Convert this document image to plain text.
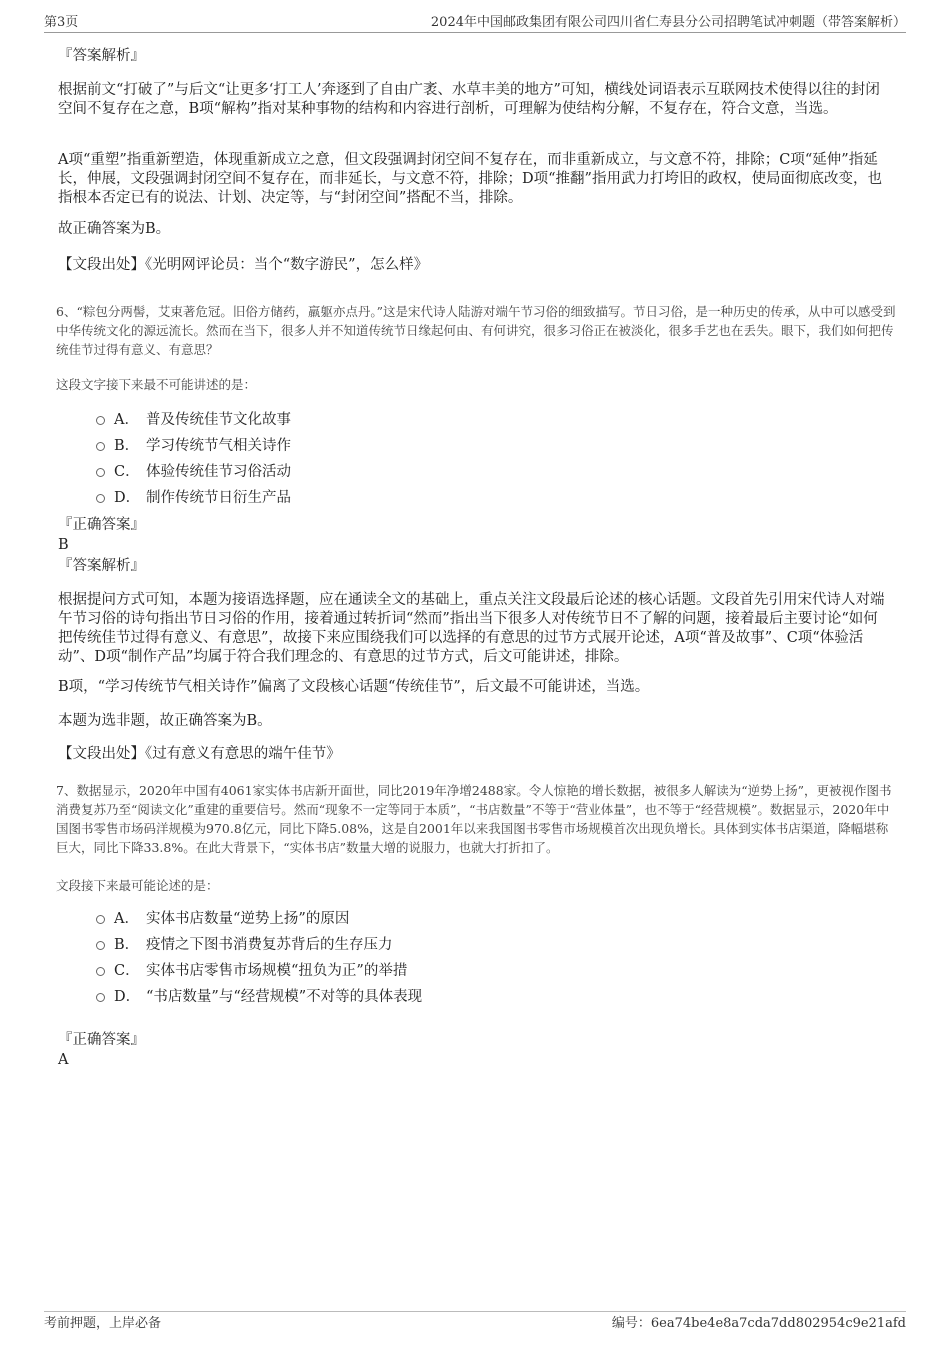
第3页	2024年中国邮政集团有限公司四川省仁寿县分公司招聘笔试冲刺题（带答案解析）
『答案解析』
根据前文“打破了”与后文“让更多‘打工人’奔逐到了自由广袤、水草丰美的地方”可知，横线处词语表示互联网技术使得以往的封闭空间不复存在之意，B项“解构”指对某种事物的结构和内容进行剖析，可理解为使结构分解，不复存在，符合文意，当选。
A项“重塑”指重新塑造，体现重新成立之意，但文段强调封闭空间不复存在，而非重新成立，与文意不符，排除；C项“延伸”指延长，伸展，文段强调封闭空间不复存在，而非延长，与文意不符，排除；D项“推翻”指用武力打垮旧的政权，使局面彻底改变，也指根本否定已有的说法、计划、决定等，与“封闭空间”搭配不当，排除。
故正确答案为B。
【文段出处】《光明网评论员：当个“数字游民”，怎么样》
6、“粽包分两髻，艾束著危冠。旧俗方储药，羸躯亦点丹。”这是宋代诗人陆游对端午节习俗的细致描写。节日习俗，是一种历史的传承，从中可以感受到中华传统文化的源远流长。然而在当下，很多人并不知道传统节日缘起何由、有何讲究，很多习俗正在被淡化，很多手艺也在丢失。眼下，我们如何把传统佳节过得有意义、有意思？
这段文字接下来最不可能讲述的是：
A． 普及传统佳节文化故事
B． 学习传统节气相关诗作
C． 体验传统佳节习俗活动
D． 制作传统节日衍生产品
『正确答案』
B
『答案解析』
根据提问方式可知，本题为接语选择题，应在通读全文的基础上，重点关注文段最后论述的核心话题。文段首先引用宋代诗人对端午节习俗的诗句指出节日习俗的作用，接着通过转折词“然而”指出当下很多人对传统节日不了解的问题，接着最后主要讨论“如何把传统佳节过得有意义、有意思”，故接下来应围绕我们可以选择的有意思的过节方式展开论述，A项“普及故事”、C项“体验活动”、D项“制作产品”均属于符合我们理念的、有意思的过节方式，后文可能讲述，排除。
B项，“学习传统节气相关诗作”偏离了文段核心话题“传统佳节”，后文最不可能讲述，当选。
本题为选非题，故正确答案为B。
【文段出处】《过有意义有意思的端午佳节》
7、数据显示，2020年中国有4061家实体书店新开面世，同比2019年净增2488家。令人惊艳的增长数据，被很多人解读为“逆势上扬”，更被视作图书消费复苏乃至“阅读文化”重建的重要信号。然而“现象不一定等同于本质”，“书店数量”不等于“营业体量”，也不等于“经营规模”。数据显示，2020年中国图书零售市场码洋规模为970.8亿元，同比下降5.08%，这是自2001年以来我国图书零售市场规模首次出现负增长。具体到实体书店渠道，降幅堪称巨大，同比下降33.8%。在此大背景下，“实体书店”数量大增的说服力，也就大打折扣了。
文段接下来最可能论述的是：
A． 实体书店数量“逆势上扬”的原因
B． 疫情之下图书消费复苏背后的生存压力
C． 实体书店零售市场规模“扭负为正”的举措
D． “书店数量”与“经营规模”不对等的具体表现
『正确答案』
A
考前押题，上岸必备	编号：6ea74be4e8a7cda7dd802954c9e21afd
